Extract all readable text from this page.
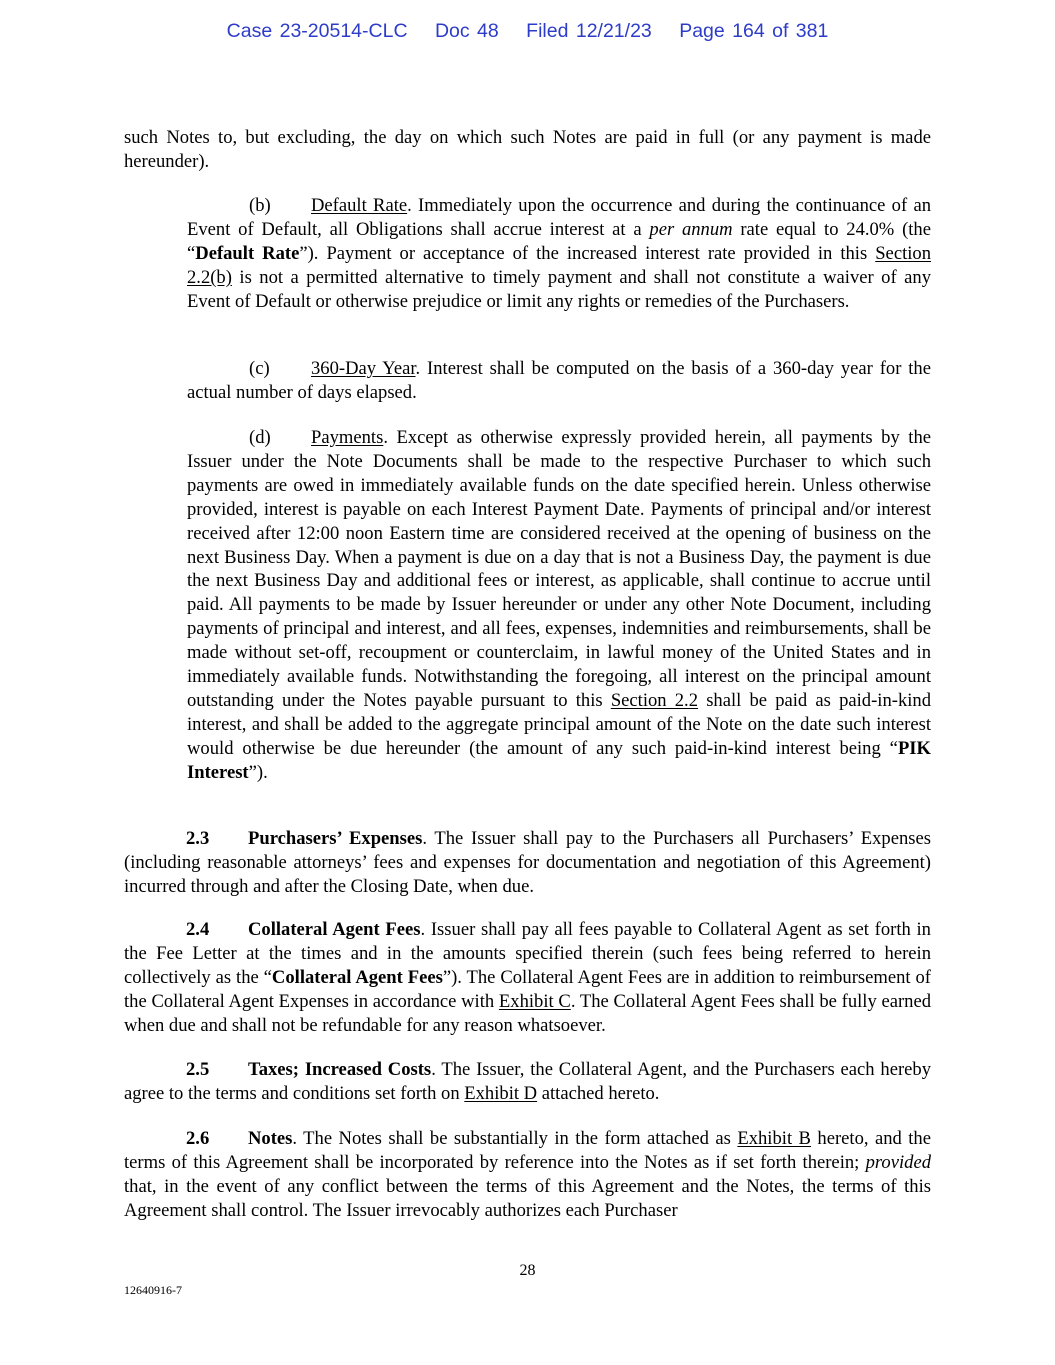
Case 23-20514-CLC Doc 48 Filed 12/21/23 Page 164 of 381

such Notes to, but excluding, the day on which such Notes are paid in full (or any payment is made hereunder).

(b) Default Rate. Immediately upon the occurrence and during the continuance of an Event of Default, all Obligations shall accrue interest at a per annum rate equal to 24.0% (the “Default Rate”). Payment or acceptance of the increased interest rate provided in this Section 2.2(b) is not a permitted alternative to timely payment and shall not constitute a waiver of any Event of Default or otherwise prejudice or limit any rights or remedies of the Purchasers.

(c) 360-Day Year. Interest shall be computed on the basis of a 360-day year for the actual number of days elapsed.

(d) Payments. Except as otherwise expressly provided herein, all payments by the Issuer under the Note Documents shall be made to the respective Purchaser to which such payments are owed in immediately available funds on the date specified herein. Unless otherwise provided, interest is payable on each Interest Payment Date. Payments of principal and/or interest received after 12:00 noon Eastern time are considered received at the opening of business on the next Business Day. When a payment is due on a day that is not a Business Day, the payment is due the next Business Day and additional fees or interest, as applicable, shall continue to accrue until paid. All payments to be made by Issuer hereunder or under any other Note Document, including payments of principal and interest, and all fees, expenses, indemnities and reimbursements, shall be made without set-off, recoupment or counterclaim, in lawful money of the United States and in immediately available funds. Notwithstanding the foregoing, all interest on the principal amount outstanding under the Notes payable pursuant to this Section 2.2 shall be paid as paid-in-kind interest, and shall be added to the aggregate principal amount of the Note on the date such interest would otherwise be due hereunder (the amount of any such paid-in-kind interest being “PIK Interest”).

2.3 Purchasers’ Expenses. The Issuer shall pay to the Purchasers all Purchasers’ Expenses (including reasonable attorneys’ fees and expenses for documentation and negotiation of this Agreement) incurred through and after the Closing Date, when due.

2.4 Collateral Agent Fees. Issuer shall pay all fees payable to Collateral Agent as set forth in the Fee Letter at the times and in the amounts specified therein (such fees being referred to herein collectively as the “Collateral Agent Fees”). The Collateral Agent Fees are in addition to reimbursement of the Collateral Agent Expenses in accordance with Exhibit C. The Collateral Agent Fees shall be fully earned when due and shall not be refundable for any reason whatsoever.

2.5 Taxes; Increased Costs. The Issuer, the Collateral Agent, and the Purchasers each hereby agree to the terms and conditions set forth on Exhibit D attached hereto.

2.6 Notes. The Notes shall be substantially in the form attached as Exhibit B hereto, and the terms of this Agreement shall be incorporated by reference into the Notes as if set forth therein; provided that, in the event of any conflict between the terms of this Agreement and the Notes, the terms of this Agreement shall control. The Issuer irrevocably authorizes each Purchaser

28
12640916-7
